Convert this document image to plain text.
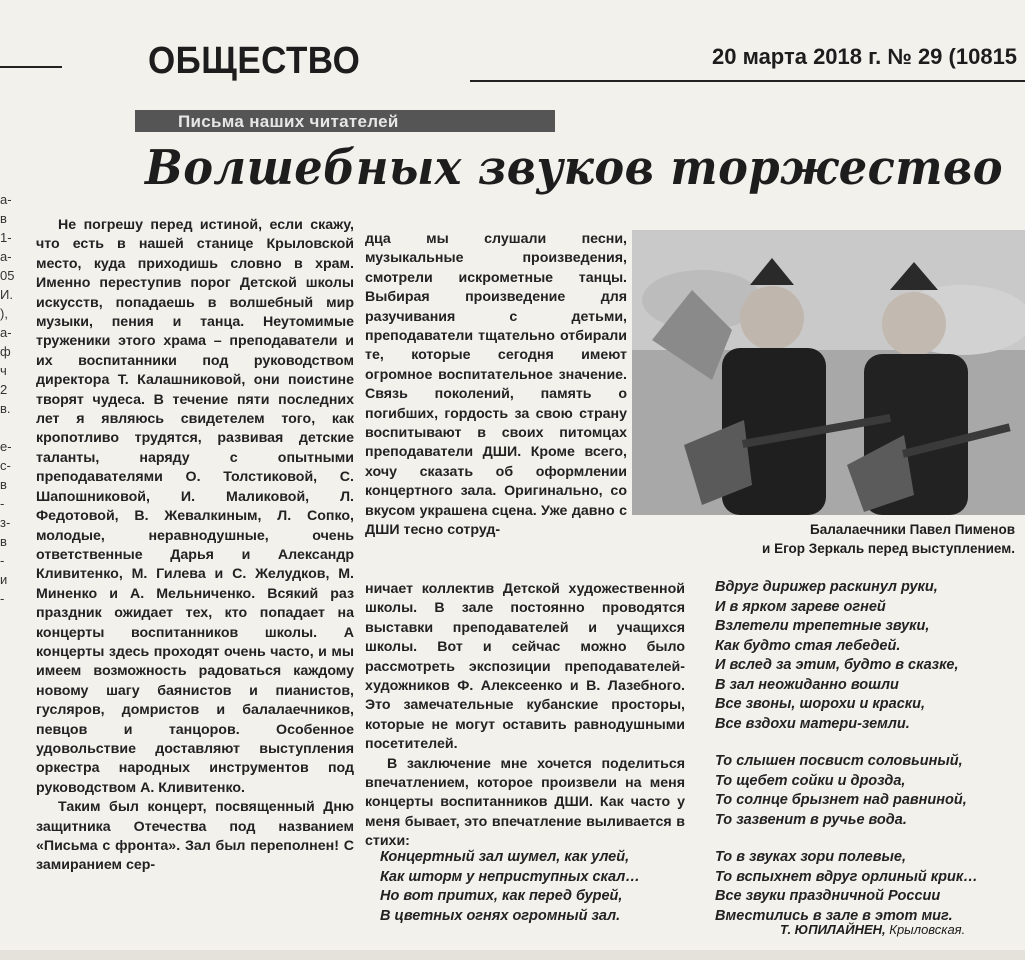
ОБЩЕСТВО	20 марта 2018 г. № 29 (10815
Письма наших читателей
Волшебных звуков торжество
а-
в
1-
а-
05
И.
),
а-
ф
ч
2
в.

е-
с-
в
-
з-
в
-
и
-

Не погрешу перед истиной, если скажу, что есть в нашей станице Крыловской место, куда приходишь словно в храм. Именно переступив порог Детской школы искусств, попадаешь в волшебный мир музыки, пения и танца. Неутомимые труженики этого храма – преподаватели и их воспитанники под руководством директора Т. Калашниковой, они поистине творят чудеса. В течение пяти последних лет я являюсь свидетелем того, как кропотливо трудятся, развивая детские таланты, наряду с опытными преподавателями О. Толстиковой, С. Шапошниковой, И. Маликовой, Л. Федотовой, В. Жевалкиным, Л. Сопко, молодые, неравнодушные, очень ответственные Дарья и Александр Кливитенко, М. Гилева и С. Желудков, М. Миненко и А. Мельниченко. Всякий раз праздник ожидает тех, кто попадает на концерты воспитанников школы. А концерты здесь проходят очень часто, и мы имеем возможность радоваться каждому новому шагу баянистов и пианистов, гусляров, домристов и балалаечников, певцов и танцоров. Особенное удовольствие доставляют выступления оркестра народных инструментов под руководством А. Кливитенко.

Таким был концерт, посвященный Дню защитника Отечества под названием «Письма с фронта». Зал был переполнен! С замиранием сер-

дца мы слушали песни, музыкальные произведения, смотрели искрометные танцы. Выбирая произведение для разучивания с детьми, преподаватели тщательно отбирали те, которые сегодня имеют огромное воспитательное значение. Связь поколений, память о погибших, гордость за свою страну воспитывают в своих питомцах преподаватели ДШИ. Кроме всего, хочу сказать об оформлении концертного зала. Оригинально, со вкусом украшена сцена. Уже давно с ДШИ тесно сотруд-

ничает коллектив Детской художественной школы. В зале постоянно проводятся выставки преподавателей и учащихся школы. Вот и сейчас можно было рассмотреть экспозиции преподавателей-художников Ф. Алексеенко и В. Лазебного. Это замечательные кубанские просторы, которые не могут оставить равнодушными посетителей.

В заключение мне хочется поделиться впечатлением, которое произвели на меня концерты воспитанников ДШИ. Как часто у меня бывает, это впечатление выливается в стихи:

Концертный зал шумел, как улей,
Как шторм у неприступных скал…
Но вот притих, как перед бурей,
В цветных огнях огромный зал.
Вдруг дирижер раскинул руки,
И в ярком зареве огней
Взлетели трепетные звуки,
Как будто стая лебедей.
И вслед за этим, будто в сказке,
В зал неожиданно вошли
Все звоны, шорохи и краски,
Все вздохи матери-земли.
То слышен посвист соловьиный,
То щебет сойки и дрозда,
То солнце брызнет над равниной,
То зазвенит в ручье вода.
То в звуках зори полевые,
То вспыхнет вдруг орлиный крик…
Все звуки праздничной России
Вместились в зале в этот миг.
Т. ЮПИЛАЙНЕН, Крыловская.
Балалаечники Павел Пименов
и Егор Зеркаль перед выступлением.
